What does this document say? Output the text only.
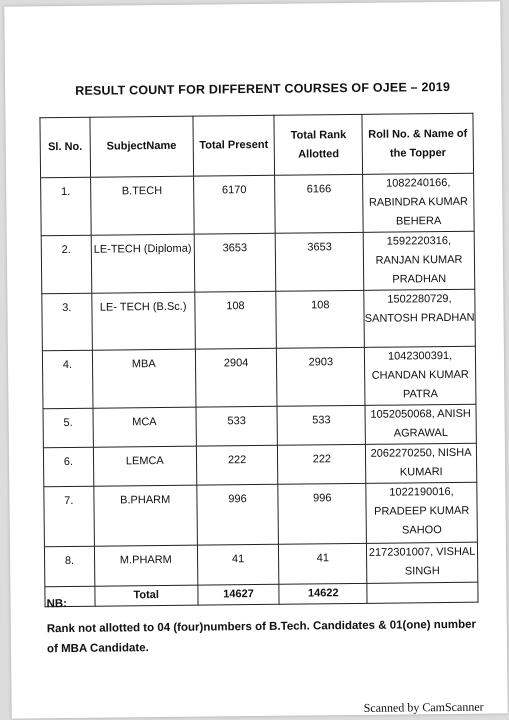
RESULT COUNT FOR DIFFERENT COURSES OF OJEE – 2019
Sl. No.	SubjectName	Total Present	Total Rank Allotted	Roll No. & Name of the Topper
1.	B.TECH	6170	6166	1082240166, RABINDRA KUMAR BEHERA
2.	LE-TECH (Diploma)	3653	3653	1592220316, RANJAN KUMAR PRADHAN
3.	LE- TECH (B.Sc.)	108	108	1502280729, SANTOSH PRADHAN
4.	MBA	2904	2903	1042300391, CHANDAN KUMAR PATRA
5.	MCA	533	533	1052050068, ANISH AGRAWAL
6.	LEMCA	222	222	2062270250, NISHA KUMARI
7.	B.PHARM	996	996	1022190016, PRADEEP KUMAR SAHOO
8.	M.PHARM	41	41	2172301007, VISHAL SINGH
	Total	14627	14622	
NB:
Rank not allotted to 04 (four)numbers of B.Tech. Candidates & 01(one) number of MBA Candidate.
Scanned by CamScanner
